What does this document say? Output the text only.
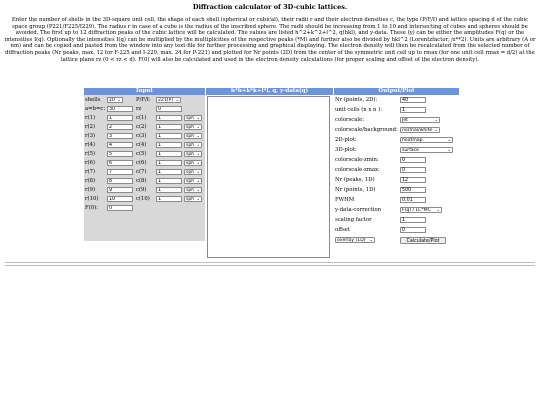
Diffraction calculator of 3D-cubic lattices.
Enter the number of shells in the 3D-square unit cell, the shape of each shell (spherical or cubical), their radii r and their electron densities c, the type (P/F/I) and lattice spacing d of the cubic space group (P221/F225/I229). The radius r in case of a cube is the radius of the inscribed sphere. The radii should be increasing from 1 to 10 and intersecting of cubes and spheres should be avoided. The first up to 12 diffraction peaks of the cubic lattice will be calculated. The values are listed h^2+k^2+l^2, q(hkl), and y-data. These (y) can be either the amplitudes F(q) or the intensities I(q). Optionally the intensities I(q) can be multiplied by the multiplicities of the respective peaks (*M) and further also be divided by hkl^2 (Lorentzfactor, /x**2). Units are arbitrary (A or nm) and can be copied and pasted from the window into any text-file for further processing and graphical displaying. The electron density will then be recalculated from the selected number of diffraction peaks (Nr peaks, max. 12 for F-225 and I-229, max. 24 for P-221) and plotted for Nr points (2D) from the center of the symmetric unit cell up to rmax (for one unit cell rmax = d/2) at the lattice plane rz (0 < rz < d). F(0) will also be calculated and used in the electron density calculations (for proper scaling and offset of the electron density).
Input
shells	10 ⌄	P/F/I:	221(P) ⌄
a=b=c: 30	rz	0
r(1)	1	c(1)	1	sph ⌄
r(2)	2	c(2)	1	sph ⌄
r(3)	3	c(3)	1	sph ⌄
r(4)	4	c(4)	1	sph ⌄
r(5)	5	c(5)	1	sph ⌄
r(6)	6	c(6)	1	sph ⌄
r(7)	7	c(7)	1	sph ⌄
r(8)	8	c(8)	1	sph ⌄
r(9)	9	c(9)	1	sph ⌄
r(10)	10	c(10)	1	sph ⌄
F(0):	0
h*h+k*k+l*l, q, y-data(q)	Output/Plot
Nr (points, 2D):	40
unit cells (n x n ):	1
colorscale:	Jet	⌄
colorscale/background: normal/white ⌄
2D-plot:	heatmap	⌄
3D-plot:	surface	⌄
colorscale-zmin:	0
colorscale-zmax:	0
Nr (peaks, 1D)	12
Nr (points, 1D)	500
FWHM	0.01
y-data-correction	F(q) / LC*MC ⌄
scaling factor	1
offset	0
overlay (1D) ⌄	Calculate/Plot
